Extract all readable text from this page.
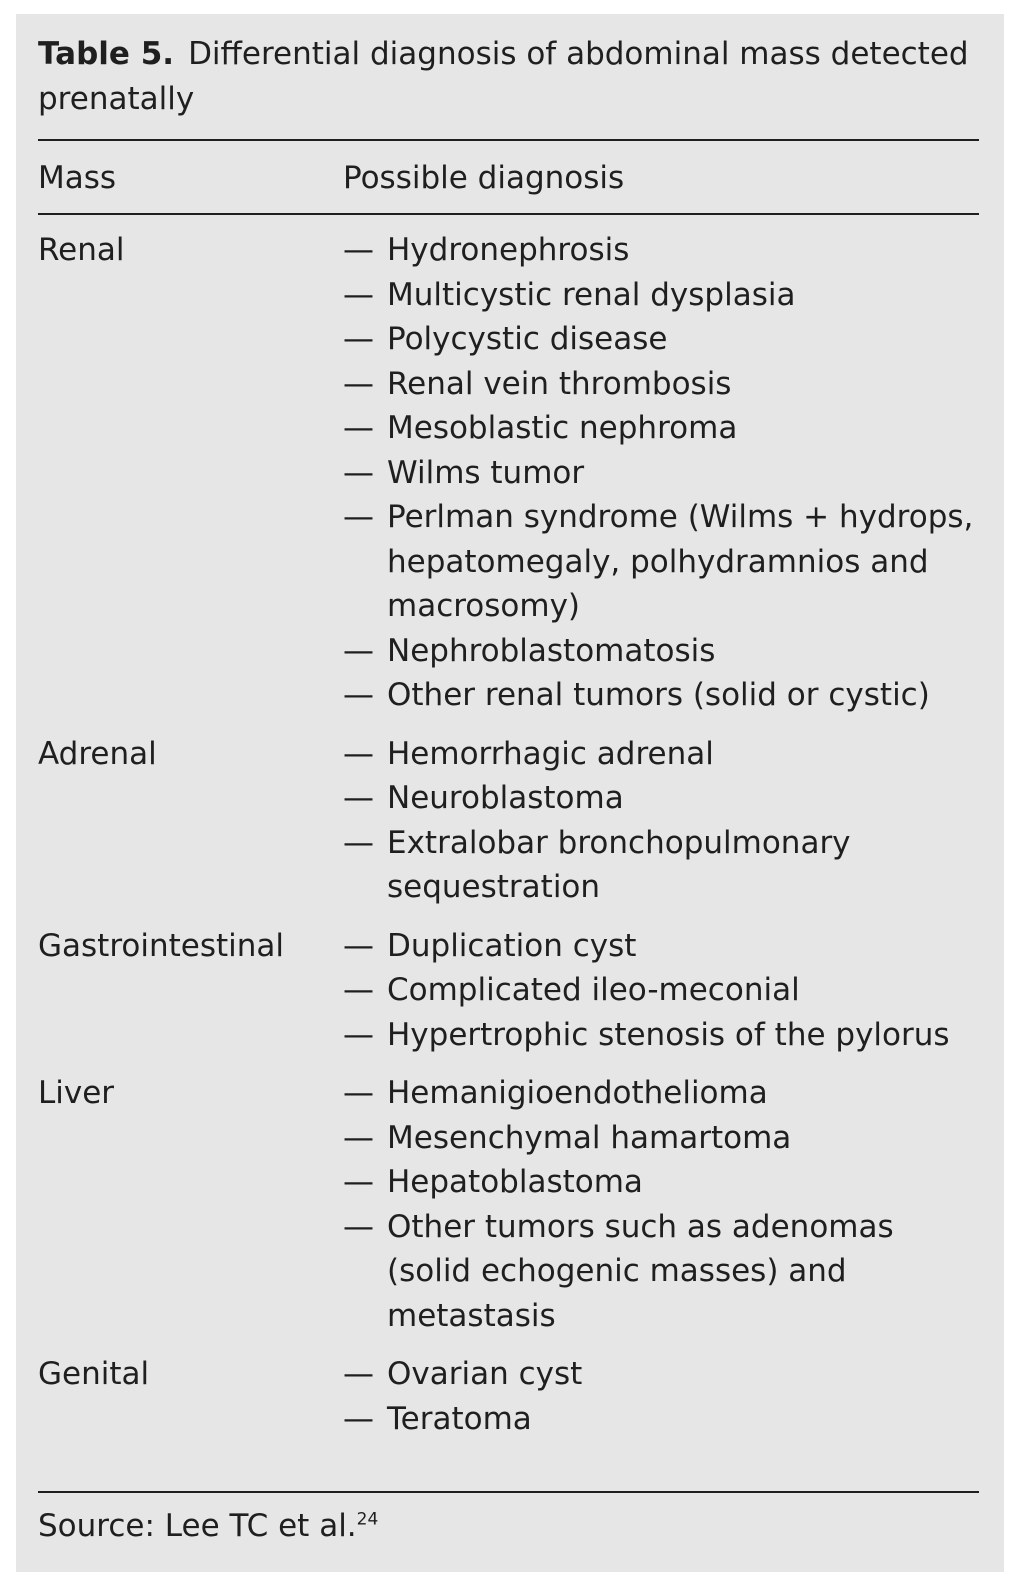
Table 5. Differential diagnosis of abdominal mass detected prenatally
Mass	Possible diagnosis
Renal	— Hydronephrosis
— Multicystic renal dysplasia
— Polycystic disease
— Renal vein thrombosis
— Mesoblastic nephroma
— Wilms tumor
— Perlman syndrome (Wilms + hydrops, hepatomegaly, polhydramnios and macrosomy)
— Nephroblastomatosis
— Other renal tumors (solid or cystic)
Adrenal	— Hemorrhagic adrenal
— Neuroblastoma
— Extralobar bronchopulmonary sequestration
Gastrointestinal	— Duplication cyst
— Complicated ileo-meconial
— Hypertrophic stenosis of the pylorus
Liver	— Hemanigioendothelioma
— Mesenchymal hamartoma
— Hepatoblastoma
— Other tumors such as adenomas (solid echogenic masses) and metastasis
Genital	— Ovarian cyst
— Teratoma
Source: Lee TC et al.$^{24}$
